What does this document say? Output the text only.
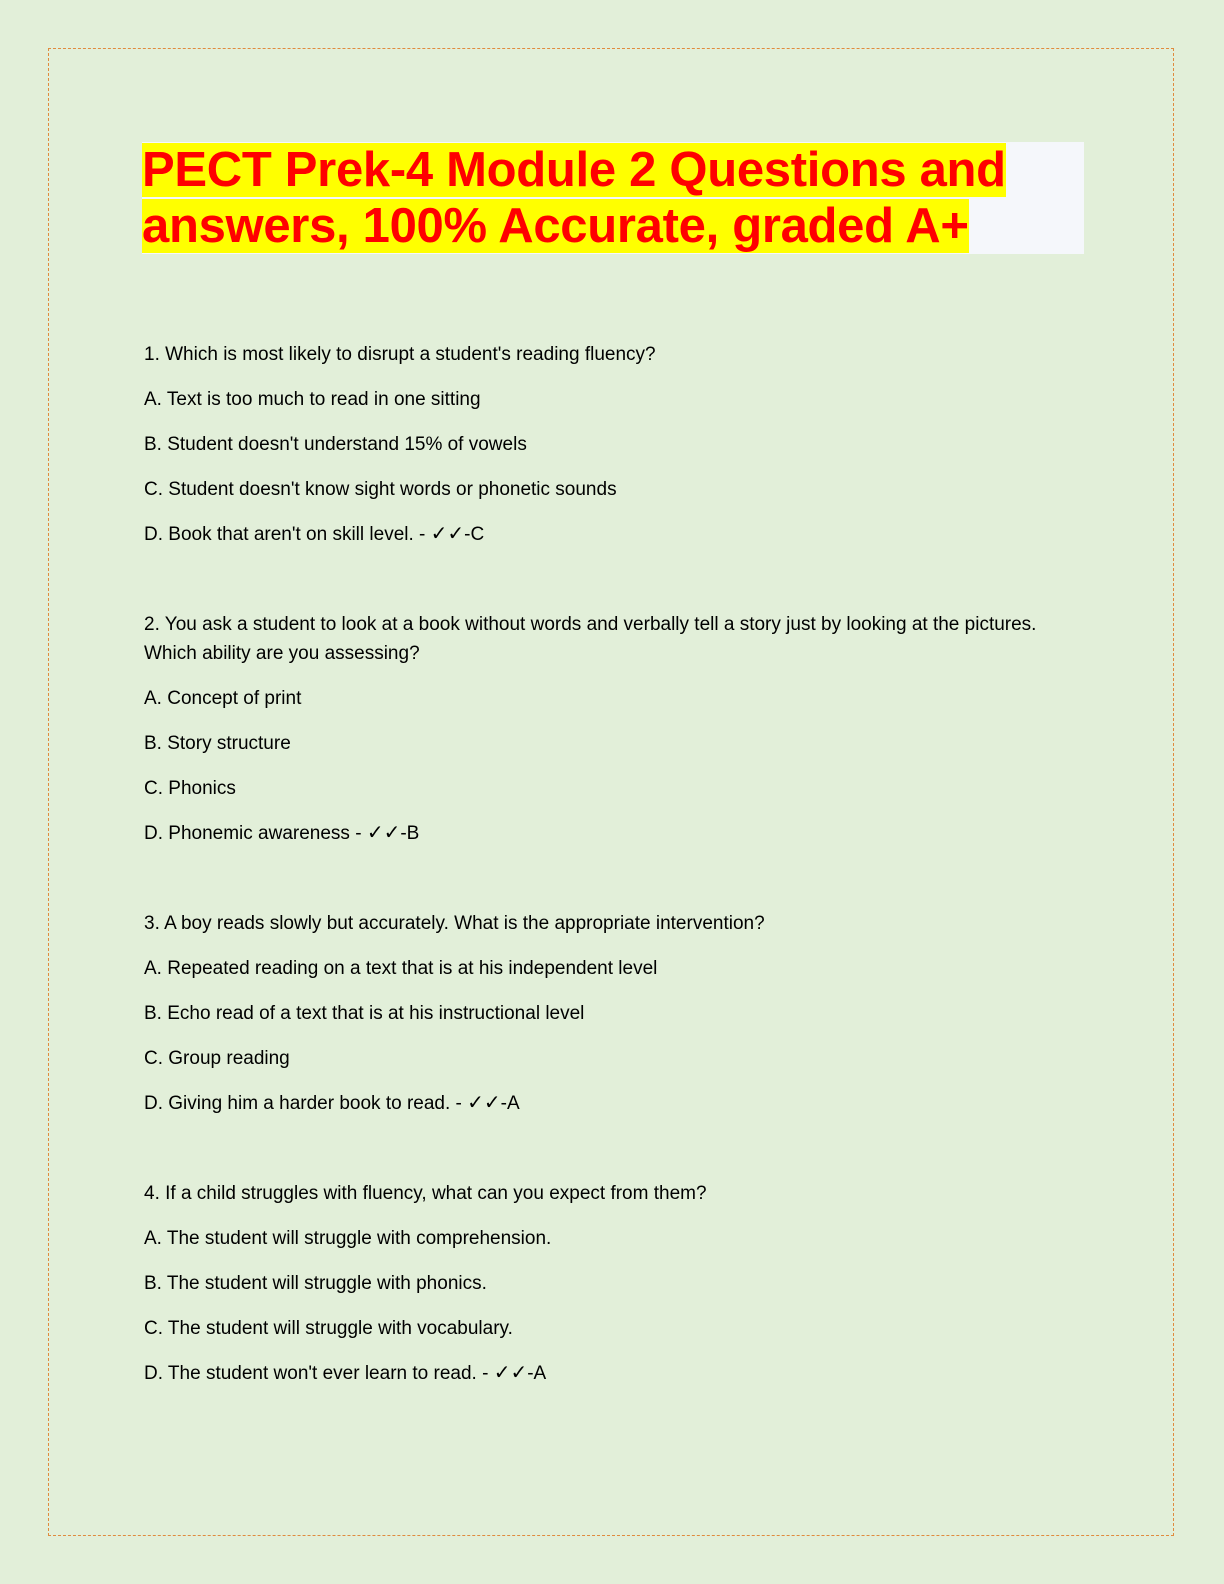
PECT Prek-4 Module 2 Questions and answers, 100% Accurate, graded A+

1. Which is most likely to disrupt a student's reading fluency?

A. Text is too much to read in one sitting

B. Student doesn't understand 15% of vowels

C. Student doesn't know sight words or phonetic sounds

D. Book that aren't on skill level. - ✓✓-C

2. You ask a student to look at a book without words and verbally tell a story just by looking at the pictures. Which ability are you assessing?

A. Concept of print

B. Story structure

C. Phonics

D. Phonemic awareness - ✓✓-B

3. A boy reads slowly but accurately. What is the appropriate intervention?

A. Repeated reading on a text that is at his independent level

B. Echo read of a text that is at his instructional level

C. Group reading

D. Giving him a harder book to read. - ✓✓-A

4. If a child struggles with fluency, what can you expect from them?

A. The student will struggle with comprehension.

B. The student will struggle with phonics.

C. The student will struggle with vocabulary.

D. The student won't ever learn to read. - ✓✓-A
